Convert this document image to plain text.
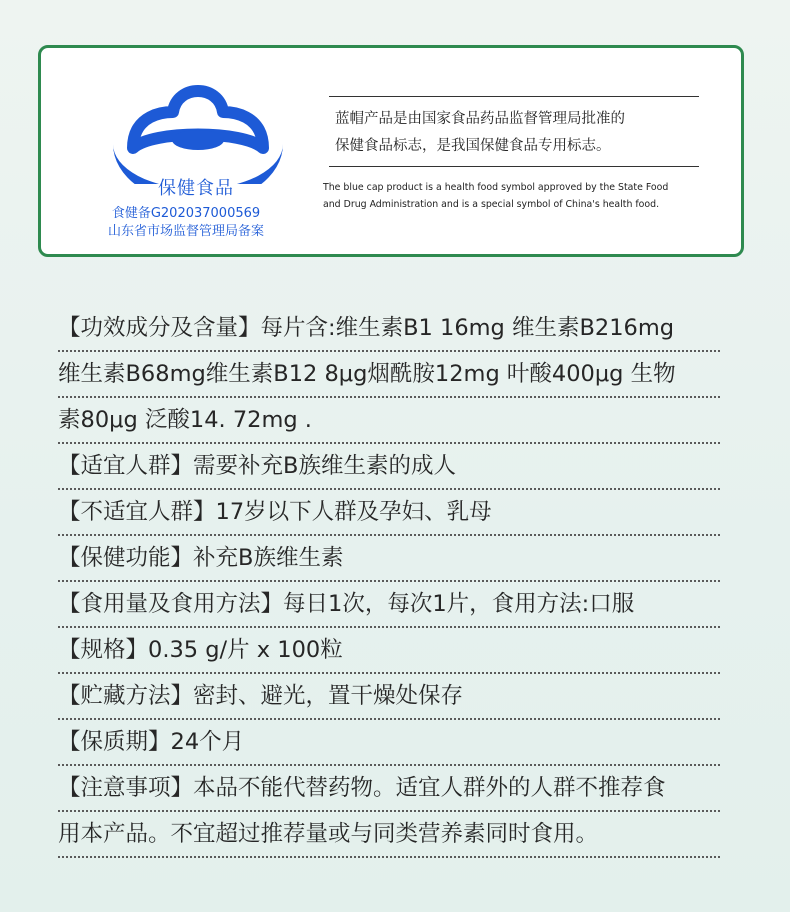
保健食品
食健备G202037000569
山东省市场监督管理局备案
蓝帽产品是由国家食品药品监督管理局批准的
保健食品标志，是我国保健食品专用标志。
The blue cap product is a health food symbol approved by the State Food
and Drug Administration and is a special symbol of China's health food.
【功效成分及含量】每片含:维生素B1 16mg 维生素B216mg
维生素B68mg维生素B12 8μg烟酰胺12mg 叶酸400μg 生物
素80μg 泛酸14. 72mg .
【适宜人群】需要补充B族维生素的成人
【不适宜人群】17岁以下人群及孕妇、乳母
【保健功能】补充B族维生素
【食用量及食用方法】每日1次，每次1片，食用方法:口服
【规格】0.35 g/片 x 100粒
【贮藏方法】密封、避光，置干燥处保存
【保质期】24个月
【注意事项】本品不能代替药物。适宜人群外的人群不推荐食
用本产品。不宜超过推荐量或与同类营养素同时食用。
